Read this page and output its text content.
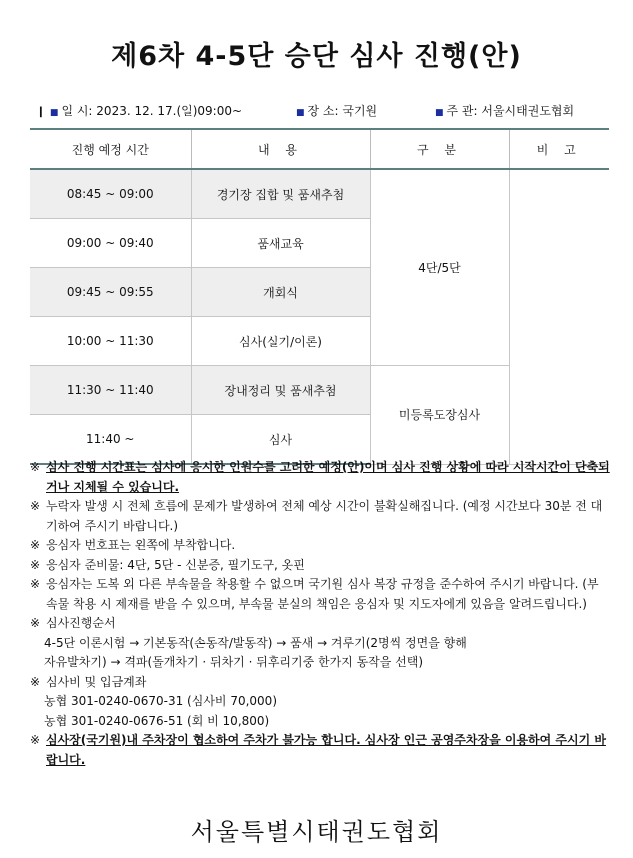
제6차 4-5단 승단 심사 진행(안)
▎ ■ 일 시: 2023. 12. 17.(일)09:00~	■ 장 소: 국기원	■ 주 관: 서울시태권도협회
진행 예정 시간	내 용	구 분	비 고
08:45 ~ 09:00	경기장 집합 및 품새추첨	4단/5단	
09:00 ~ 09:40	품새교육		
09:45 ~ 09:55	개회식		
10:00 ~ 11:30	심사(실기/이론)		
11:30 ~ 11:40	장내정리 및 품새추첨	미등록도장심사	
11:40 ~	심사		
※ 심사 진행 시간표는 심사에 응시한 인원수를 고려한 예정(안)이며 심사 진행 상황에 따라 시작시간이 단축되거나 지체될 수 있습니다.
※ 누락자 발생 시 전체 흐름에 문제가 발생하여 전체 예상 시간이 불확실해집니다. (예정 시간보다 30분 전 대기하여 주시기 바랍니다.)
※ 응심자 번호표는 왼쪽에 부착합니다.
※ 응심자 준비물: 4단, 5단 - 신분증, 필기도구, 옷핀
※ 응심자는 도복 외 다른 부속물을 착용할 수 없으며 국기원 심사 복장 규정을 준수하여 주시기 바랍니다. (부속물 착용 시 제재를 받을 수 있으며, 부속물 분실의 책임은 응심자 및 지도자에게 있음을 알려드립니다.)
※ 심사진행순서
4-5단 이론시험 → 기본동작(손동작/발동작) → 품새 → 겨루기(2명씩 정면을 향해
자유발차기) → 격파(돌개차기 · 뒤차기 · 뒤후리기중 한가지 동작을 선택)
※ 심사비 및 입금계좌
농협 301-0240-0670-31 (심사비 70,000)
농협 301-0240-0676-51 (회 비 10,800)
※ 심사장(국기원)내 주차장이 협소하여 주차가 불가능 합니다. 심사장 인근 공영주차장을 이용하여 주시기 바랍니다.
서울특별시태권도협회
